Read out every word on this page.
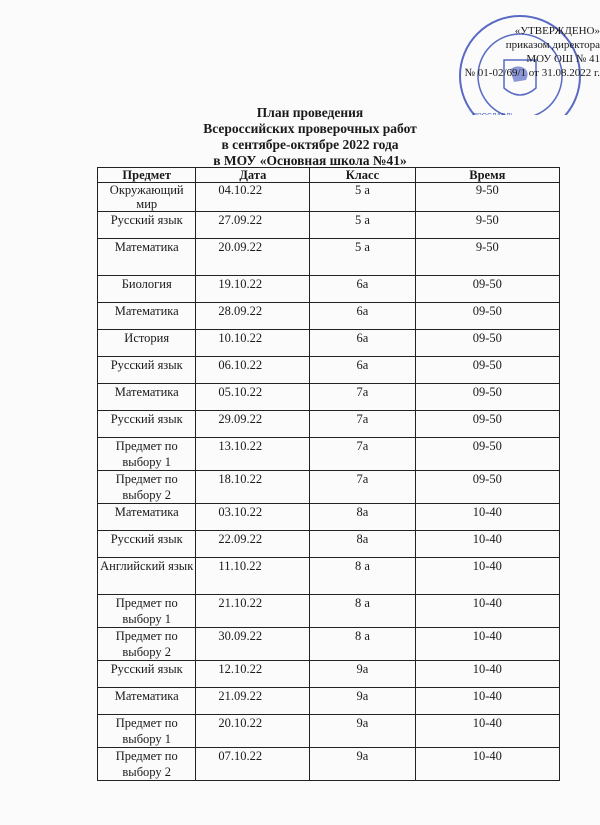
ЯРОСЛАВЛЬ
«УТВЕРЖДЕНО»
приказом директора
МОУ ОШ № 41
№ 01-02/69/1 от 31.08.2022 г.
План проведения
Всероссийских проверочных работ
в сентябре-октябре 2022 года
в МОУ «Основная школа №41»
Предмет	Дата	Класс	Время
Окружающий мир	04.10.22	5 а	9-50
Русский язык	27.09.22	5 а	9-50
Математика	20.09.22	5 а	9-50
Биология	19.10.22	6а	09-50
Математика	28.09.22	6а	09-50
История	10.10.22	6а	09-50
Русский язык	06.10.22	6а	09-50
Математика	05.10.22	7а	09-50
Русский язык	29.09.22	7а	09-50
Предмет по выбору 1	13.10.22	7а	09-50
Предмет по выбору 2	18.10.22	7а	09-50
Математика	03.10.22	8а	10-40
Русский язык	22.09.22	8а	10-40
Английский язык	11.10.22	8 а	10-40
Предмет по выбору 1	21.10.22	8 а	10-40
Предмет по выбору 2	30.09.22	8 а	10-40
Русский язык	12.10.22	9а	10-40
Математика	21.09.22	9а	10-40
Предмет по выбору 1	20.10.22	9а	10-40
Предмет по выбору 2	07.10.22	9а	10-40
